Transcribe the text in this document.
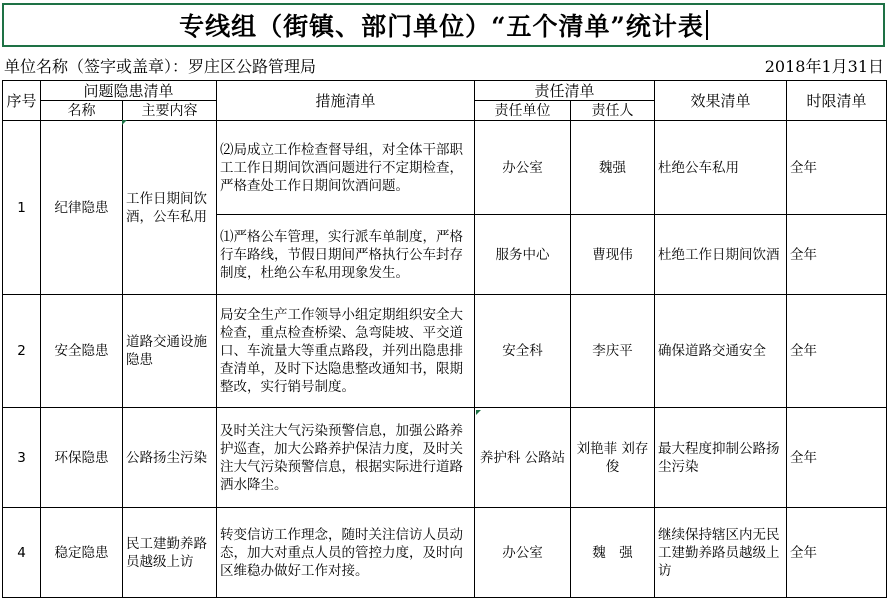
专线组（街镇、部门单位）“五个清单”统计表
单位名称（签字或盖章）：罗庄区公路管理局	2018年1月31日
序号	问题隐患清单		措施清单	责任清单		效果清单	时限清单
	名称	主要内容		责任单位	责任人		
1	纪律隐患	工作日期间饮酒，公车私用	⑵局成立工作检查督导组，对全体干部职工工作日期间饮酒问题进行不定期检查，严格查处工作日期间饮酒问题。	办公室	魏强	杜绝公车私用	全年
			⑴严格公车管理，实行派车单制度，严格行车路线，节假日期间严格执行公车封存制度，杜绝公车私用现象发生。	服务中心	曹现伟	杜绝工作日期间饮酒	全年
2	安全隐患	道路交通设施隐患	局安全生产工作领导小组定期组织安全大检查，重点检查桥梁、急弯陡坡、平交道口、车流量大等重点路段，并列出隐患排查清单，及时下达隐患整改通知书，限期整改，实行销号制度。	安全科	李庆平	确保道路交通安全	全年
3	环保隐患	公路扬尘污染	及时关注大气污染预警信息，加强公路养护巡查，加大公路养护保洁力度，及时关注大气污染预警信息，根据实际进行道路洒水降尘。	养护科 公路站	刘艳菲 刘存俊	最大程度抑制公路扬尘污染	全年
4	稳定隐患	民工建勤养路员越级上访	转变信访工作理念，随时关注信访人员动态，加大对重点人员的管控力度，及时向区维稳办做好工作对接。	办公室	魏　强	继续保持辖区内无民工建勤养路员越级上访	全年
